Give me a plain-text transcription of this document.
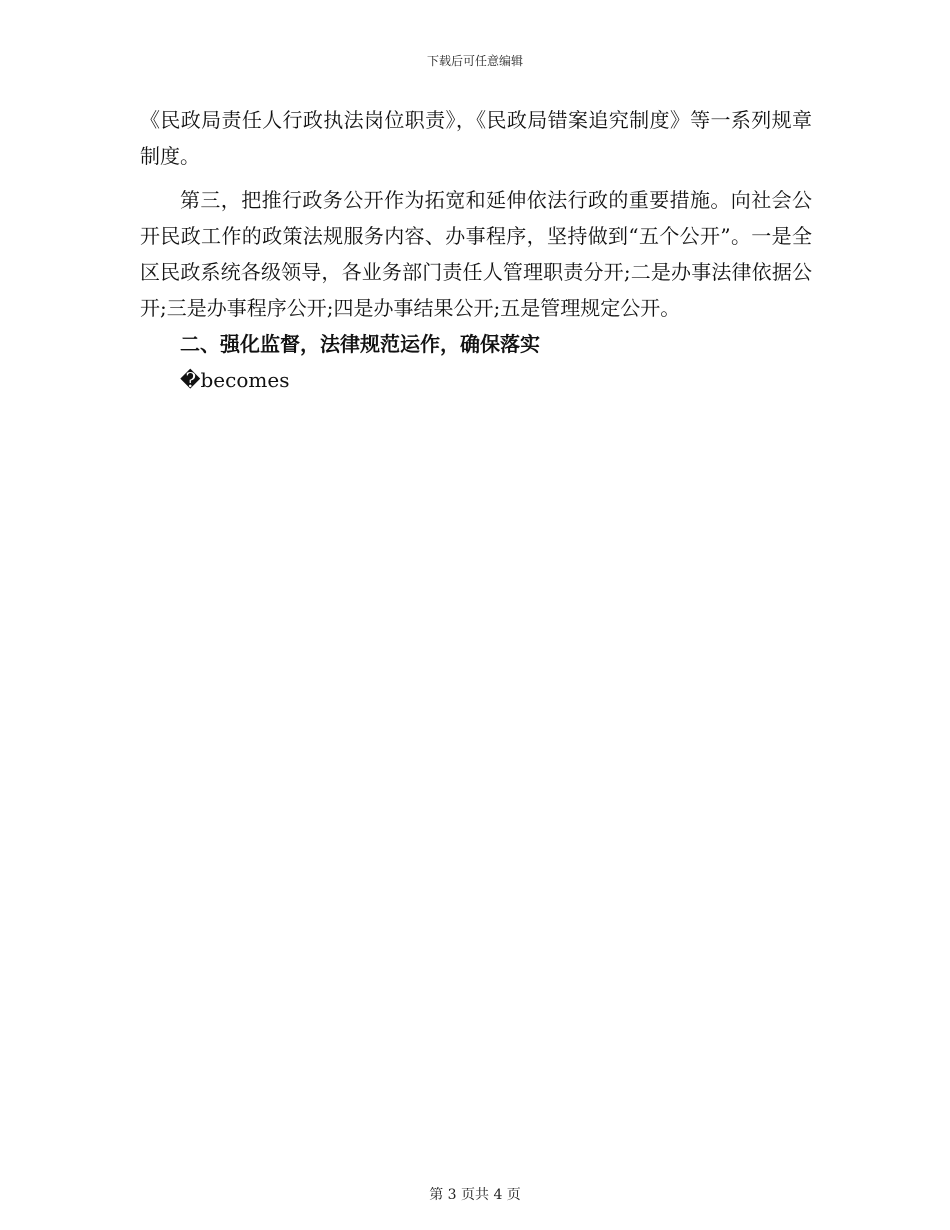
下载后可任意编辑

《民政局责任人行政执法岗位职责》，《民政局错案追究制度》等一系列规章制度。

第三，把推行政务公开作为拓宽和延伸依法行政的重要措施。向社会公开民政工作的政策法规服务内容、办事程序，坚持做到“五个公开”。一是全区民政系统各级领导，各业务部门责任人管理职责分开;二是办事法律依据公开;三是办事程序公开;四是办事结果公开;五是管理规定公开。

二、强化监督，法律规范运作，确保落实

�becomes

第 3 页共 4 页
